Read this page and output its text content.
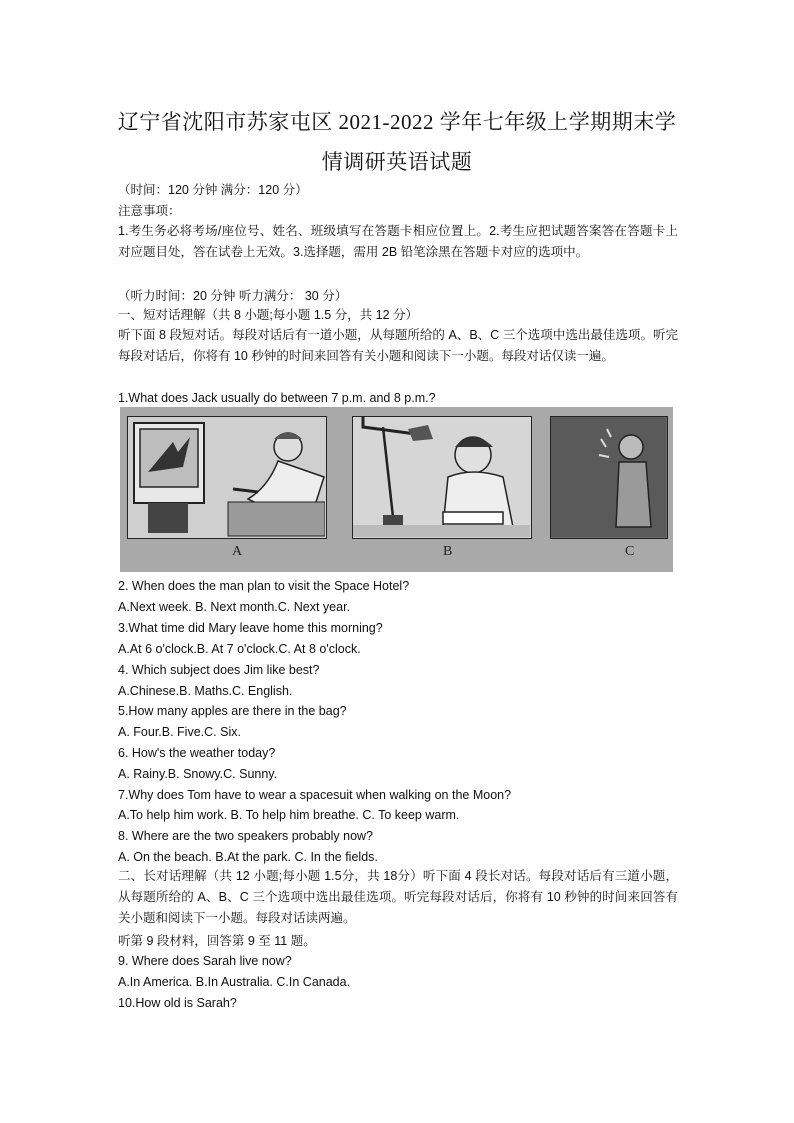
辽宁省沈阳市苏家屯区 2021-2022 学年七年级上学期期末学
情调研英语试题
（时间：120 分钟 满分：120 分）
注意事项：
1.考生务必将考场/座位号、姓名、班级填写在答题卡相应位置上。2.考生应把试题答案答在答题卡上对应题目处，答在试卷上无效。3.选择题，需用 2B 铅笔涂黑在答题卡对应的选项中。
（听力时间：20 分钟 听力满分： 30 分）
一、短对话理解（共 8 小题;每小题 1.5 分，共 12 分）
听下面 8 段短对话。每段对话后有一道小题，从每题所给的 A、B、C 三个选项中选出最佳选项。听完每段对话后，你将有 10 秒钟的时间来回答有关小题和阅读下一小题。每段对话仅读一遍。
1.What does Jack usually do between 7 p.m. and 8 p.m.?
A	B	C
2. When does the man plan to visit the Space Hotel?
A.Next week. B. Next month.C. Next year.
3.What time did Mary leave home this morning?
A.At 6 o'clock.B. At 7 o'clock.C. At 8 o'clock.
4. Which subject does Jim like best?
A.Chinese.B. Maths.C. English.
5.How many apples are there in the bag?
A. Four.B. Five.C. Six.
6. How's the weather today?
A. Rainy.B. Snowy.C. Sunny.
7.Why does Tom have to wear a spacesuit when walking on the Moon?
A.To help him work. B. To help him breathe. C. To keep warm.
8. Where are the two speakers probably now?
A. On the beach. B.At the park. C. In the fields.
二、长对话理解（共 12 小题;每小题 1.5分，共 18分）听下面 4 段长对话。每段对话后有三道小题，从每题所给的 A、B、C 三个选项中选出最佳选项。听完每段对话后，你将有 10 秒钟的时间来回答有关小题和阅读下一小题。每段对话读两遍。
听第 9 段材料，回答第 9 至 11 题。
9. Where does Sarah live now?
A.In America. B.In Australia. C.In Canada.
10.How old is Sarah?
